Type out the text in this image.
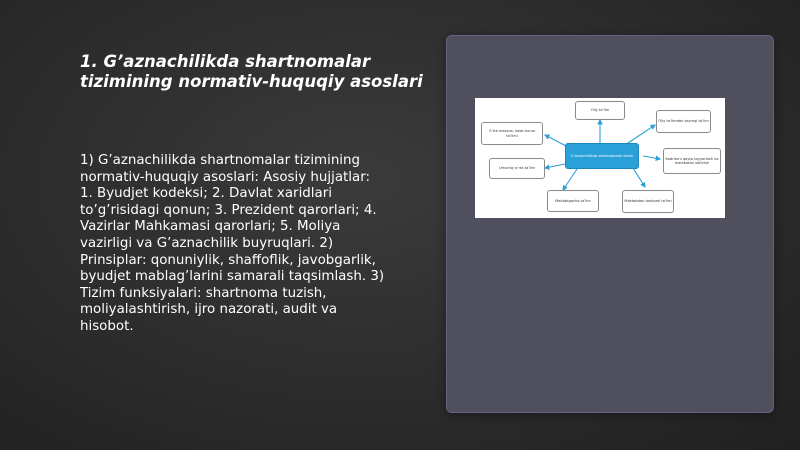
1. G’aznachilikda shartnomalar
tizimining normativ-huquqiy asoslari
1) G’aznachilikda shartnomalar tizimining
normativ-huquqiy asoslari: Asosiy hujjatlar:
1. Byudjet kodeksi; 2. Davlat xaridlari
to’g’risidagi qonun; 3. Prezident qarorlari; 4.
Vazirlar Mahkamasi qarorlari; 5. Moliya
vazirligi va G’aznachilik buyruqlari. 2)
Prinsiplar: qonuniylik, shaffoflik, javobgarlik,
byudjet mablag’larini samarali taqsimlash. 3)
Tizim funksiyalari: shartnoma tuzish,
moliyalashtirish, ijro nazorati, audit va
hisobot.
G’aznachilikda shartnomalar tizimi
Oliy ta’lim
Oliy ta’limdan keyingi ta’lim
Kadrlarni qayta tayyorlash va malakasini oshirish
Maktabdan tashqari ta’lim
Maktabgacha ta’lim
Umumiy o’rta ta’lim
O’rta maxsus, kasb-hunar ta’limi
